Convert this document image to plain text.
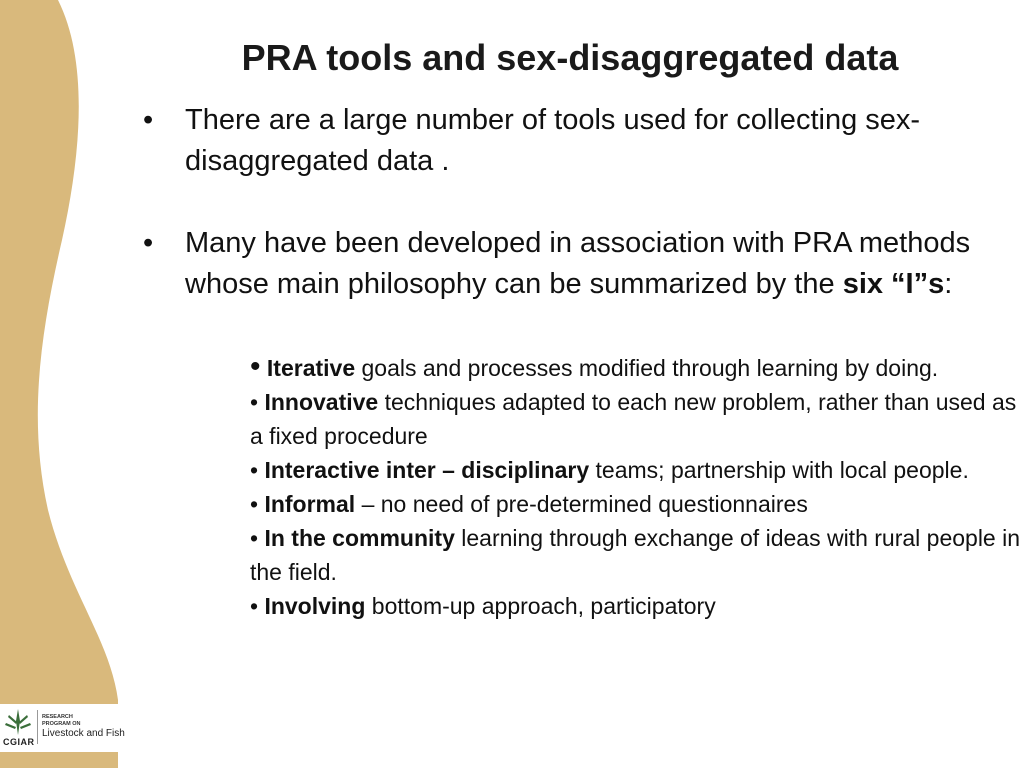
PRA tools and sex-disaggregated data
• There are a large number of tools used for collecting sex-disaggregated data .
• Many have been developed in association with PRA methods whose main philosophy can be summarized by the six “I”s:
• Iterative goals and processes modified through learning by doing.
• Innovative techniques adapted to each new problem, rather than used as a fixed procedure
• Interactive inter – disciplinary teams; partnership with local people.
• Informal – no need of pre-determined questionnaires
• In the community learning through exchange of ideas with rural people in the field.
• Involving bottom-up approach, participatory
CGIAR
RESEARCH
PROGRAM ON
Livestock and Fish
